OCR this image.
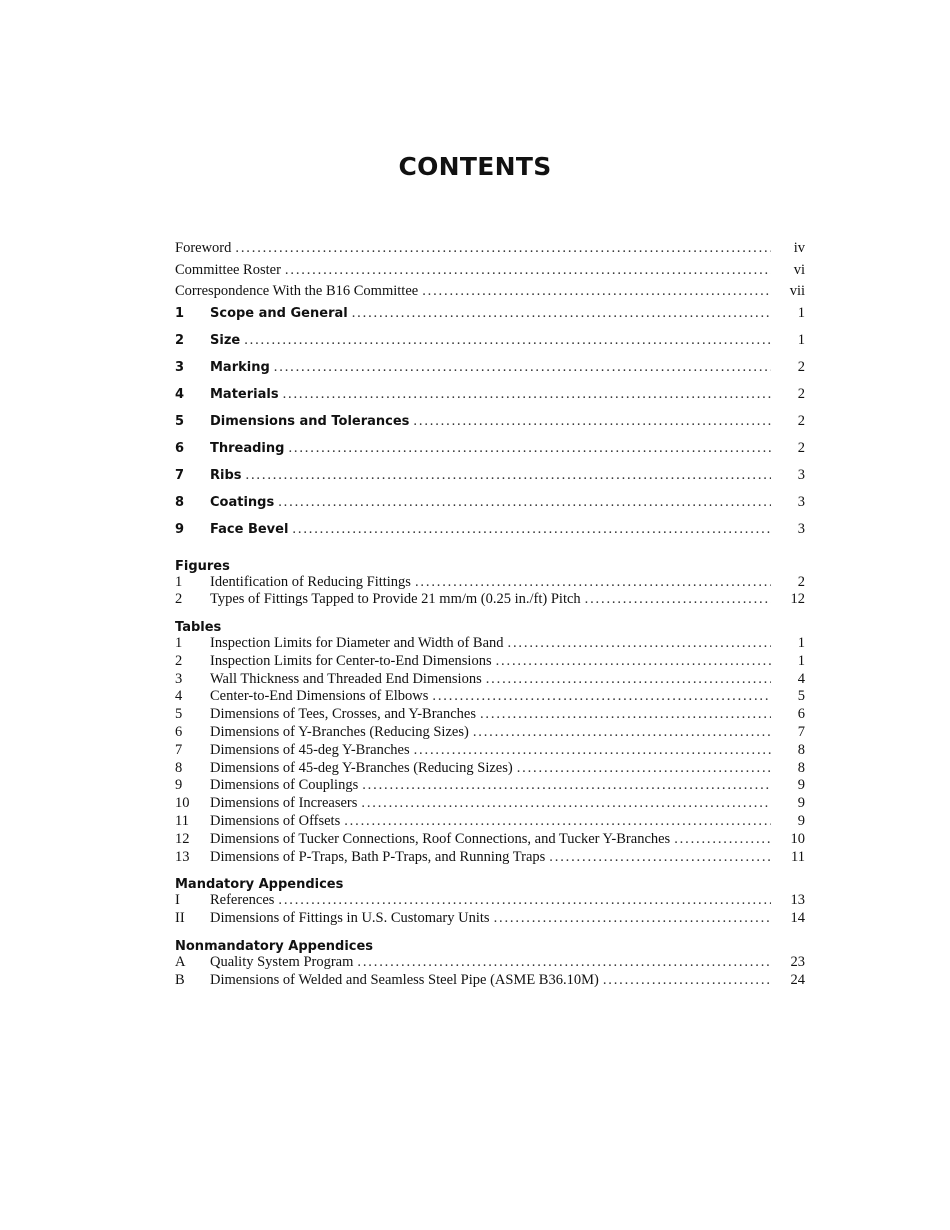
CONTENTS
Foreword . . .	iv
Committee Roster . . .	vi
Correspondence With the B16 Committee . . .	vii
1	Scope and General . . .	1
2	Size . . .	1
3	Marking . . .	2
4	Materials . . .	2
5	Dimensions and Tolerances . . .	2
6	Threading . . .	2
7	Ribs . . .	3
8	Coatings . . .	3
9	Face Bevel . . .	3
Figures
1	Identification of Reducing Fittings . . .	2
2	Types of Fittings Tapped to Provide 21 mm/m (0.25 in./ft) Pitch . . .	12
Tables
1	Inspection Limits for Diameter and Width of Band . . .	1
2	Inspection Limits for Center-to-End Dimensions . . .	1
3	Wall Thickness and Threaded End Dimensions . . .	4
4	Center-to-End Dimensions of Elbows . . .	5
5	Dimensions of Tees, Crosses, and Y-Branches . . .	6
6	Dimensions of Y-Branches (Reducing Sizes) . . .	7
7	Dimensions of 45-deg Y-Branches . . .	8
8	Dimensions of 45-deg Y-Branches (Reducing Sizes) . . .	8
9	Dimensions of Couplings . . .	9
10	Dimensions of Increasers . . .	9
11	Dimensions of Offsets . . .	9
12	Dimensions of Tucker Connections, Roof Connections, and Tucker Y-Branches . . .	10
13	Dimensions of P-Traps, Bath P-Traps, and Running Traps . . .	11
Mandatory Appendices
I	References . . .	13
II	Dimensions of Fittings in U.S. Customary Units . . .	14
Nonmandatory Appendices
A	Quality System Program . . .	23
B	Dimensions of Welded and Seamless Steel Pipe (ASME B36.10M) . . .	24
